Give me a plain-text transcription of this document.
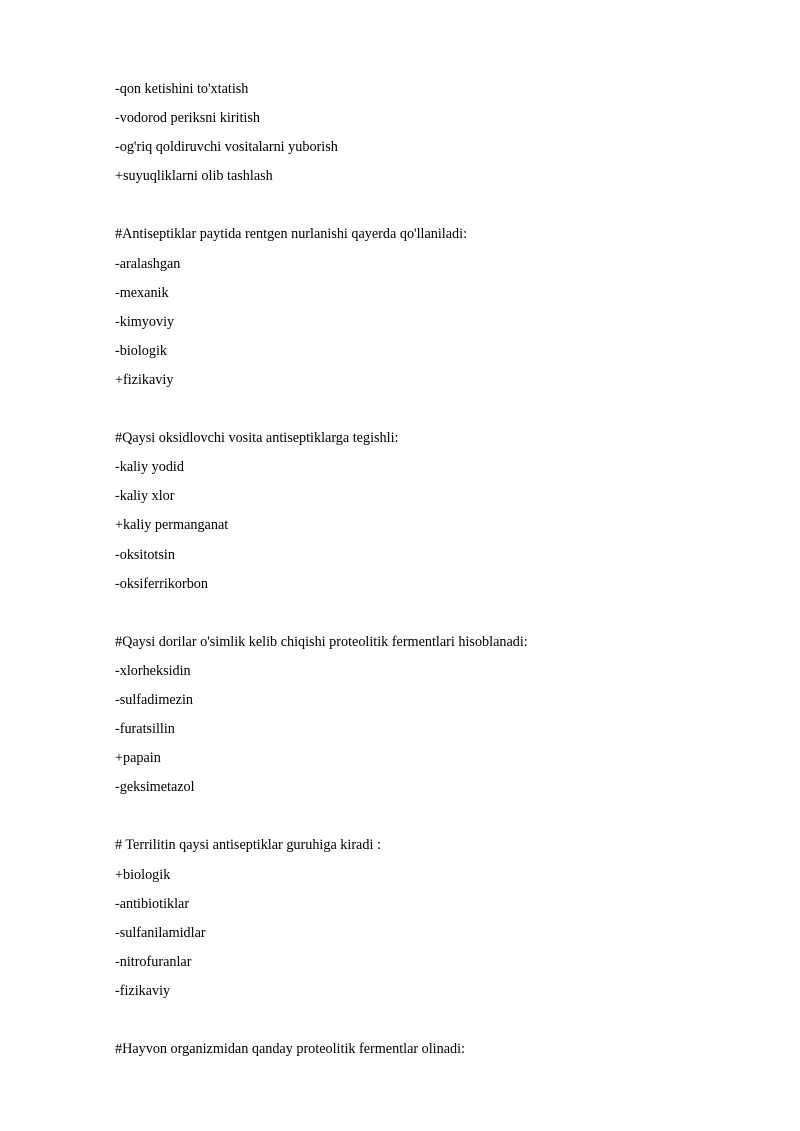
-qon ketishini to'xtatish
-vodorod periksni kiritish
-og'riq qoldiruvchi vositalarni yuborish
+suyuqliklarni olib tashlash
#Antiseptiklar paytida rentgen nurlanishi qayerda qo'llaniladi:
-aralashgan
-mexanik
-kimyoviy
-biologik
+fizikaviy
#Qaysi oksidlovchi vosita antiseptiklarga tegishli:
-kaliy yodid
-kaliy xlor
+kaliy permanganat
-oksitotsin
-oksiferrikorbon
#Qaysi dorilar o'simlik kelib chiqishi proteolitik fermentlari hisoblanadi:
-xlorheksidin
-sulfadimezin
-furatsillin
+papain
-geksimetazol
# Terrilitin qaysi antiseptiklar guruhiga kiradi :
+biologik
-antibiotiklar
-sulfanilamidlar
-nitrofuranlar
-fizikaviy
#Hayvon organizmidan qanday proteolitik fermentlar olinadi:
